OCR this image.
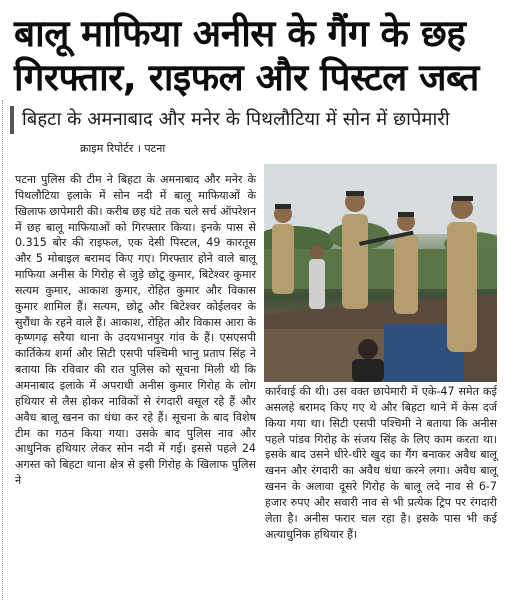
बालू माफिया अनीस के गैंग के छह
गिरफ्तार, राइफल और पिस्टल जब्त
बिहटा के अमनाबाद और मनेर के पिथलौटिया में सोन में छापेमारी
क्राइम रिपोर्टर । पटना

पटना पुलिस की टीम ने बिहटा के अमनाबाद और मनेर के पिथलौटिया इलाके में सोन नदी में बालू माफियाओं के खिलाफ छापेमारी की। करीब छह घंटे तक चले सर्च ऑपरेशन में छह बालू माफियाओं को गिरफ्तार किया। इनके पास से 0.315 बोर की राइफल, एक देसी पिस्टल, 49 कारतूस और 5 मोबाइल बरामद किए गए। गिरफ्तार होने वाले बालू माफिया अनीस के गिरोह से जुड़े छोटू कुमार, बिटेश्वर कुमार सत्यम कुमार, आकाश कुमार, रोहित कुमार और विकास कुमार शामिल हैं। सत्यम, छोटू और बिटेश्वर कोईलवर के सुरौंधा के रहने वाले हैं। आकाश, रोहित और विकास आरा के कृष्णगढ़ सरैया थाना के उदयभानपुर गांव के हैं। एसएसपी कार्तिकेय शर्मा और सिटी एसपी पश्चिमी भानु प्रताप सिंह ने बताया कि रविवार की रात पुलिस को सूचना मिली थी कि अमनाबाद इलाके में अपराधी अनीस कुमार गिरोह के लोग हथियार से लैस होकर नाविकों से रंगदारी वसूल रहे हैं और अवैध बालू खनन का धंधा कर रहे हैं। सूचना के बाद विशेष टीम का गठन किया गया। उसके बाद पुलिस नाव और आधुनिक हथियार लेकर सोन नदी में गई। इससे पहले 24 अगस्त को बिहटा थाना क्षेत्र से इसी गिरोह के खिलाफ पुलिस ने

कार्रवाई की थी। उस वक्त छापेमारी में एके-47 समेत कई असलहे बरामद किए गए थे और बिहटा थाने में केस दर्ज किया गया था। सिटी एसपी पश्चिमी ने बताया कि अनीस पहले पांडव गिरोह के संजय सिंह के लिए काम करता था। इसके बाद उसने धीरे-धीरे खुद का गैंग बनाकर अवैध बालू खनन और रंगदारी का अवैध धंधा करने लगा। अवैध बालू खनन के अलावा दूसरे गिरोह के बालू लदे नाव से 6-7 हजार रुपए और सवारी नाव से भी प्रत्येक ट्रिप पर रंगदारी लेता है। अनीस फरार चल रहा है। इसके पास भी कई अत्याधुनिक हथियार हैं।
